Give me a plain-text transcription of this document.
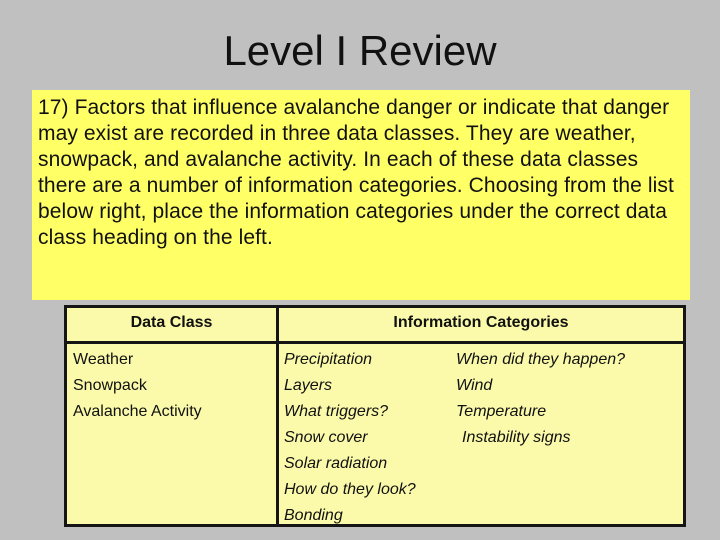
Level I Review
17) Factors that influence avalanche danger or indicate that danger may exist are recorded in three data classes. They are weather, snowpack, and avalanche activity. In each of these data classes there are a number of information categories. Choosing from the list below right, place the information categories under the correct data class heading on the left.
Data Class	Information Categories
Weather
Snowpack
Avalanche Activity
Precipitation
Layers
What triggers?
Snow cover
Solar radiation
How do they look?
Bonding
When did they happen?
Wind
Temperature
Instability signs
